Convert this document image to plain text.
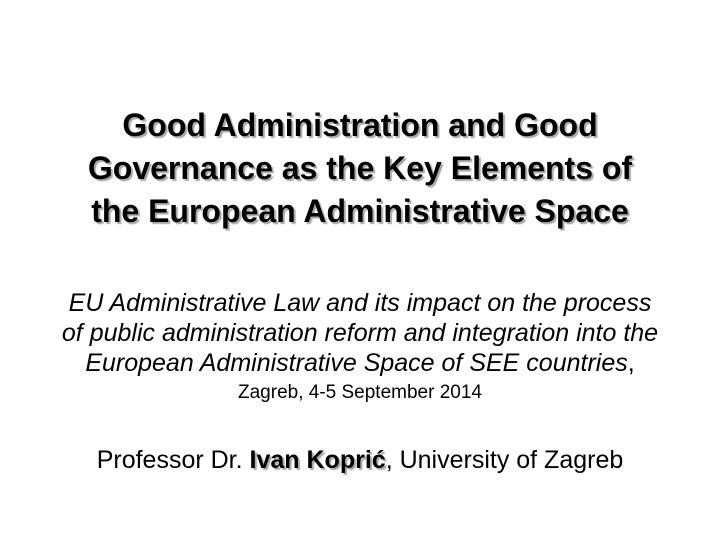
Good Administration and Good
Governance as the Key Elements of
the European Administrative Space
EU Administrative Law and its impact on the process
of public administration reform and integration into the
European Administrative Space of SEE countries,
Zagreb, 4-5 September 2014
Professor Dr. Ivan Koprić, University of Zagreb
